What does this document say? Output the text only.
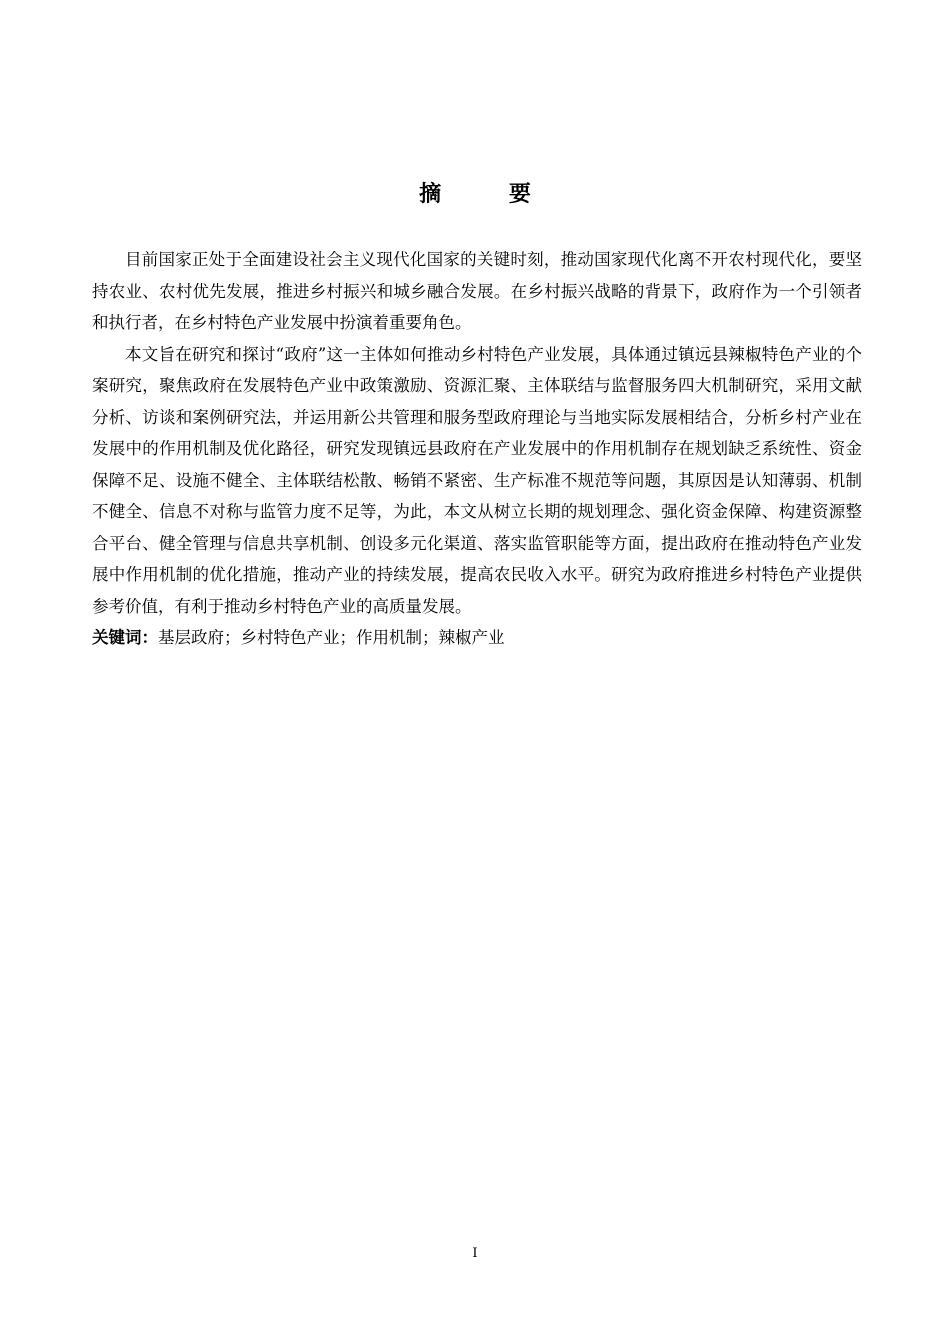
摘 要

目前国家正处于全面建设社会主义现代化国家的关键时刻，推动国家现代化离不开农村现代化，要坚持农业、农村优先发展，推进乡村振兴和城乡融合发展。在乡村振兴战略的背景下，政府作为一个引领者和执行者，在乡村特色产业发展中扮演着重要角色。

本文旨在研究和探讨“政府”这一主体如何推动乡村特色产业发展，具体通过镇远县辣椒特色产业的个案研究，聚焦政府在发展特色产业中政策激励、资源汇聚、主体联结与监督服务四大机制研究，采用文献分析、访谈和案例研究法，并运用新公共管理和服务型政府理论与当地实际发展相结合，分析乡村产业在发展中的作用机制及优化路径，研究发现镇远县政府在产业发展中的作用机制存在规划缺乏系统性、资金保障不足、设施不健全、主体联结松散、畅销不紧密、生产标准不规范等问题，其原因是认知薄弱、机制不健全、信息不对称与监管力度不足等，为此，本文从树立长期的规划理念、强化资金保障、构建资源整合平台、健全管理与信息共享机制、创设多元化渠道、落实监管职能等方面，提出政府在推动特色产业发展中作用机制的优化措施，推动产业的持续发展，提高农民收入水平。研究为政府推进乡村特色产业提供参考价值，有利于推动乡村特色产业的高质量发展。

关键词：基层政府；乡村特色产业；作用机制；辣椒产业

I
